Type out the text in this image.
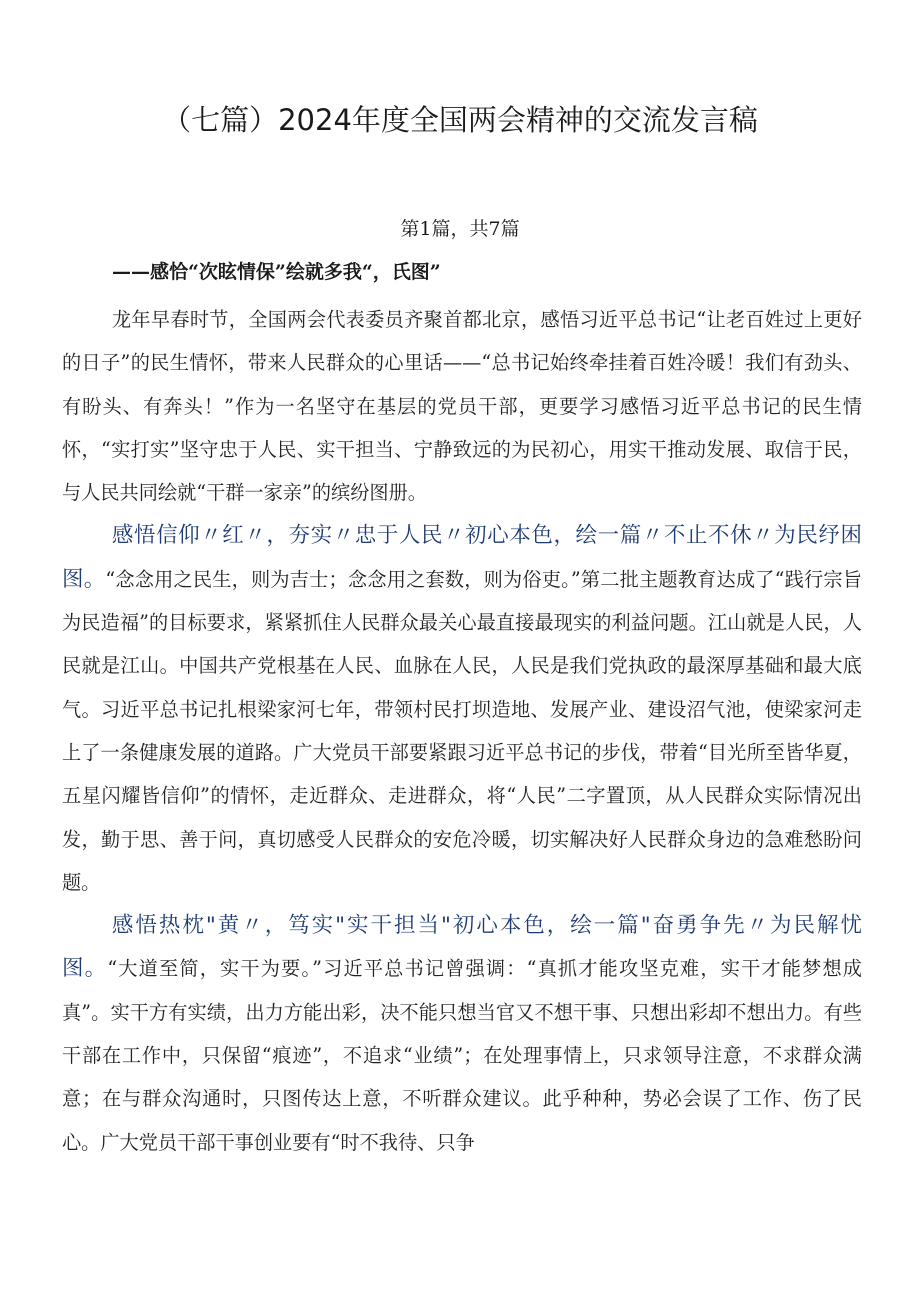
（七篇）2024年度全国两会精神的交流发言稿
第1篇，共7篇
——感恰“次眩情保”绘就多我“，氏图”

龙年早春时节，全国两会代表委员齐聚首都北京，感悟习近平总书记“让老百姓过上更好的日子”的民生情怀，带来人民群众的心里话——“总书记始终牵挂着百姓冷暖！我们有劲头、有盼头、有奔头！”作为一名坚守在基层的党员干部，更要学习感悟习近平总书记的民生情怀，“实打实”坚守忠于人民、实干担当、宁静致远的为民初心，用实干推动发展、取信于民，与人民共同绘就“干群一家亲”的缤纷图册。

感悟信仰〃红〃，夯实〃忠于人民〃初心本色，绘一篇〃不止不休〃为民纾困图。“念念用之民生，则为吉士；念念用之套数，则为俗吏。”第二批主题教育达成了“践行宗旨为民造福”的目标要求，紧紧抓住人民群众最关心最直接最现实的利益问题。江山就是人民，人民就是江山。中国共产党根基在人民、血脉在人民，人民是我们党执政的最深厚基础和最大底气。习近平总书记扎根梁家河七年，带领村民打坝造地、发展产业、建设沼气池，使梁家河走上了一条健康发展的道路。广大党员干部要紧跟习近平总书记的步伐，带着“目光所至皆华夏，五星闪耀皆信仰”的情怀，走近群众、走进群众，将“人民”二字置顶，从人民群众实际情况出发，勤于思、善于问，真切感受人民群众的安危冷暖，切实解决好人民群众身边的急难愁盼问题。

感悟热枕"黄〃，笃实"实干担当"初心本色，绘一篇"奋勇争先〃为民解忧图。“大道至简，实干为要。”习近平总书记曾强调：“真抓才能攻坚克难，实干才能梦想成真”。实干方有实绩，出力方能出彩，决不能只想当官又不想干事、只想出彩却不想出力。有些干部在工作中，只保留“痕迹”，不追求“业绩”；在处理事情上，只求领导注意，不求群众满意；在与群众沟通时，只图传达上意，不听群众建议。此乎种种，势必会误了工作、伤了民心。广大党员干部干事创业要有“时不我待、只争
